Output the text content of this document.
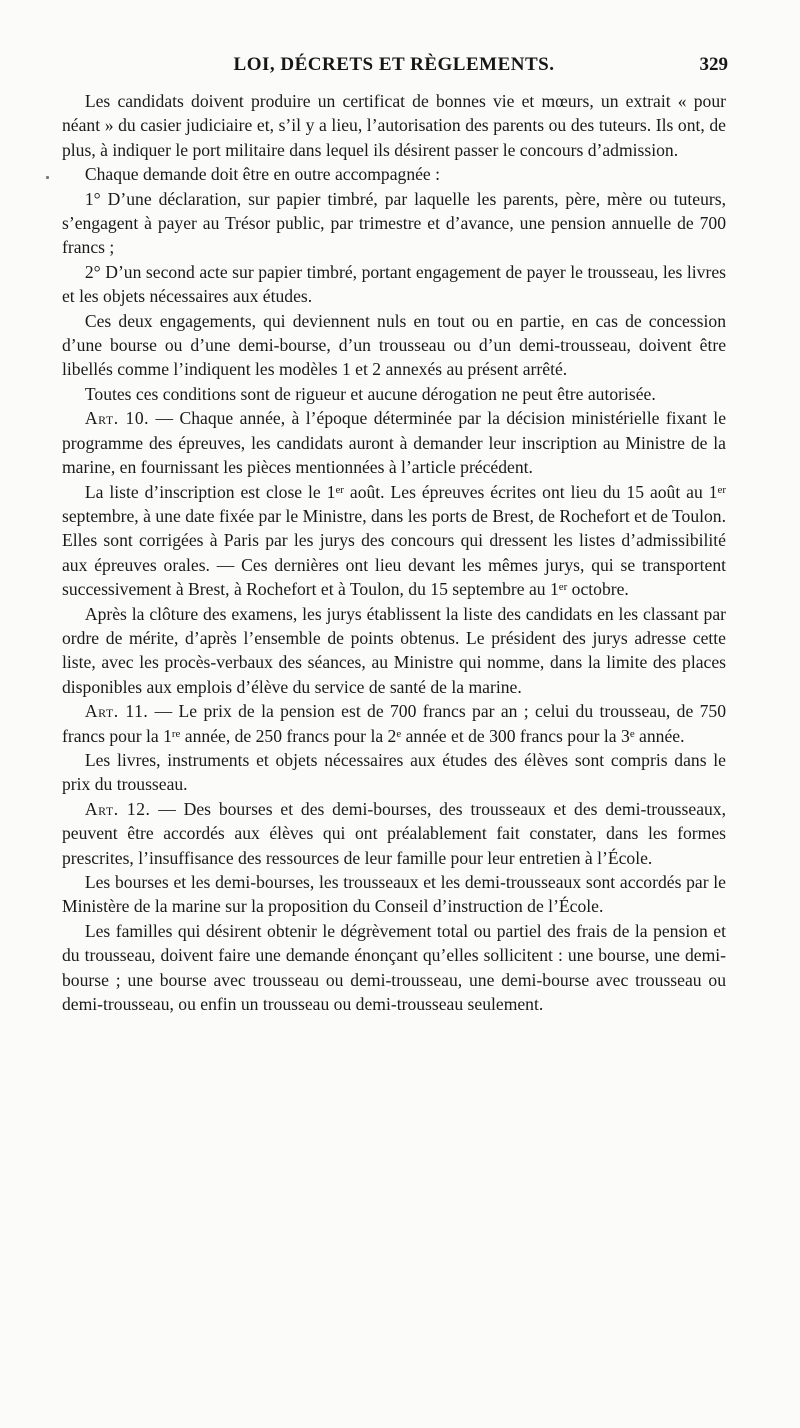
LOI, DÉCRETS ET RÈGLEMENTS.	329

Les candidats doivent produire un certificat de bonnes vie et mœurs, un extrait « pour néant » du casier judiciaire et, s’il y a lieu, l’autorisation des parents ou des tuteurs. Ils ont, de plus, à indiquer le port militaire dans lequel ils désirent passer le concours d’admission.

Chaque demande doit être en outre accompagnée :

1° D’une déclaration, sur papier timbré, par laquelle les parents, père, mère ou tuteurs, s’engagent à payer au Trésor public, par trimestre et d’avance, une pension annuelle de 700 francs ;

2° D’un second acte sur papier timbré, portant engagement de payer le trousseau, les livres et les objets nécessaires aux études.

Ces deux engagements, qui deviennent nuls en tout ou en partie, en cas de concession d’une bourse ou d’une demi-bourse, d’un trousseau ou d’un demi-trousseau, doivent être libellés comme l’indiquent les modèles 1 et 2 annexés au présent arrêté.

Toutes ces conditions sont de rigueur et aucune dérogation ne peut être autorisée.

Art. 10. — Chaque année, à l’époque déterminée par la décision ministérielle fixant le programme des épreuves, les candidats auront à demander leur inscription au Ministre de la marine, en fournissant les pièces mentionnées à l’article précédent.

La liste d’inscription est close le 1er août. Les épreuves écrites ont lieu du 15 août au 1er septembre, à une date fixée par le Ministre, dans les ports de Brest, de Rochefort et de Toulon. Elles sont corrigées à Paris par les jurys des concours qui dressent les listes d’admissibilité aux épreuves orales. — Ces dernières ont lieu devant les mêmes jurys, qui se transportent successivement à Brest, à Rochefort et à Toulon, du 15 septembre au 1er octobre.

Après la clôture des examens, les jurys établissent la liste des candidats en les classant par ordre de mérite, d’après l’ensemble de points obtenus. Le président des jurys adresse cette liste, avec les procès-verbaux des séances, au Ministre qui nomme, dans la limite des places disponibles aux emplois d’élève du service de santé de la marine.

Art. 11. — Le prix de la pension est de 700 francs par an ; celui du trousseau, de 750 francs pour la 1re année, de 250 francs pour la 2e année et de 300 francs pour la 3e année.

Les livres, instruments et objets nécessaires aux études des élèves sont compris dans le prix du trousseau.

Art. 12. — Des bourses et des demi-bourses, des trousseaux et des demi-trousseaux, peuvent être accordés aux élèves qui ont préalablement fait constater, dans les formes prescrites, l’insuffisance des ressources de leur famille pour leur entretien à l’École.

Les bourses et les demi-bourses, les trousseaux et les demi-trousseaux sont accordés par le Ministère de la marine sur la proposition du Conseil d’instruction de l’École.

Les familles qui désirent obtenir le dégrèvement total ou partiel des frais de la pension et du trousseau, doivent faire une demande énonçant qu’elles sollicitent : une bourse, une demi-bourse ; une bourse avec trousseau ou demi-trousseau, une demi-bourse avec trousseau ou demi-trousseau, ou enfin un trousseau ou demi-trousseau seulement.
